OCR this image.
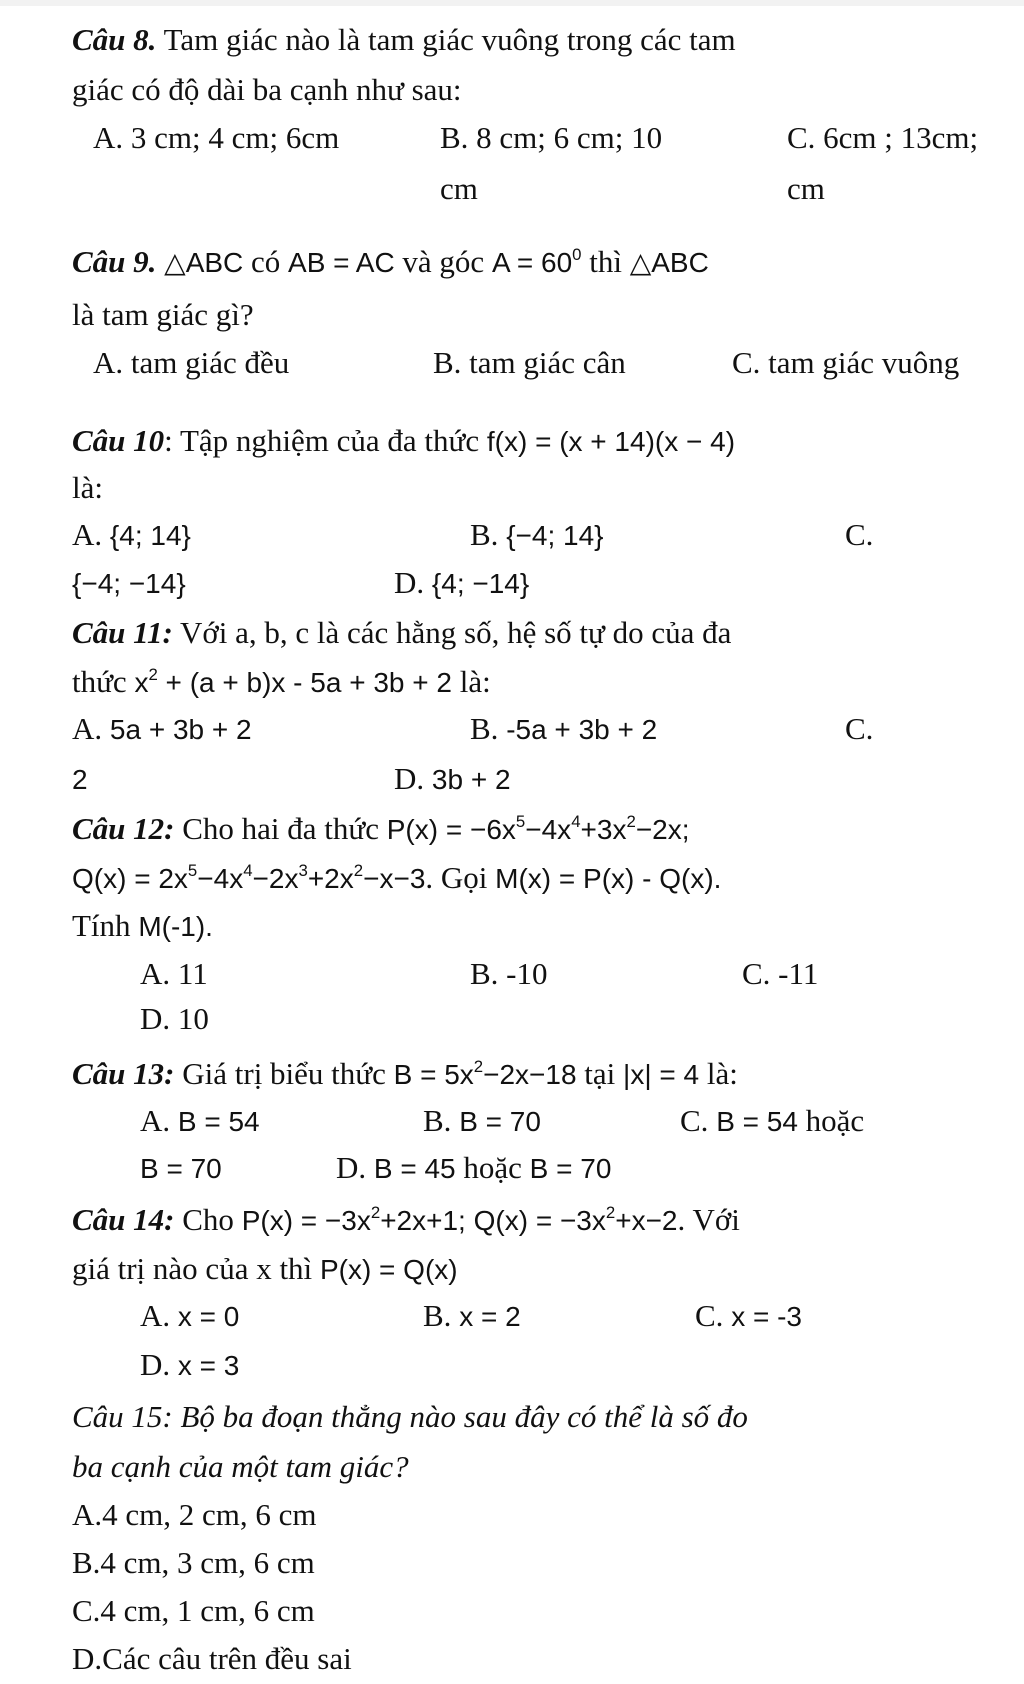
Câu 8. Tam giác nào là tam giác vuông trong các tam
giác có độ dài ba cạnh như sau:
A. 3 cm; 4 cm; 6cm	B. 8 cm; 6 cm; 10	C. 6cm ; 13cm;
cm	cm
Câu 9. △ABC có AB = AC và góc $A = 60^0$ thì △ABC
là tam giác gì?
A. tam giác đều	B. tam giác cân	C. tam giác vuông
Câu 10: Tập nghiệm của đa thức f(x) = (x + 14)(x − 4)
là:
A. {4; 14}	B. {−4; 14}	C.
{−4; −14}	D. {4; −14}
Câu 11: Với a, b, c là các hằng số, hệ số tự do của đa
thức $x^2 + (a + b)x - 5a + 3b + 2$ là:
A. 5a + 3b + 2	B. -5a + 3b + 2	C.
2	D. 3b + 2
Câu 12: Cho hai đa thức $P(x) = -6x^5-4x^4+3x^2-2x$;
$Q(x) = 2x^5-4x^4-2x^3+2x^2-x-3$. Gọi M(x) = P(x) - Q(x).
Tính M(-1).
A. 11	B. -10	C. -11
D. 10
Câu 13: Giá trị biểu thức $B = 5x^2-2x-18$ tại |x| = 4 là:
A. B = 54	B. B = 70	C. B = 54 hoặc
B = 70	D. B = 45 hoặc B = 70
Câu 14: Cho $P(x) = -3x^2+2x+1$; $Q(x) = -3x^2+x-2$. Với
giá trị nào của x thì P(x) = Q(x)
A. x = 0	B. x = 2	C. x = -3
D. x = 3
Câu 15: Bộ ba đoạn thẳng nào sau đây có thể là số đo
ba cạnh của một tam giác?
A.4 cm, 2 cm, 6 cm
B.4 cm, 3 cm, 6 cm
C.4 cm, 1 cm, 6 cm
D.Các câu trên đều sai
